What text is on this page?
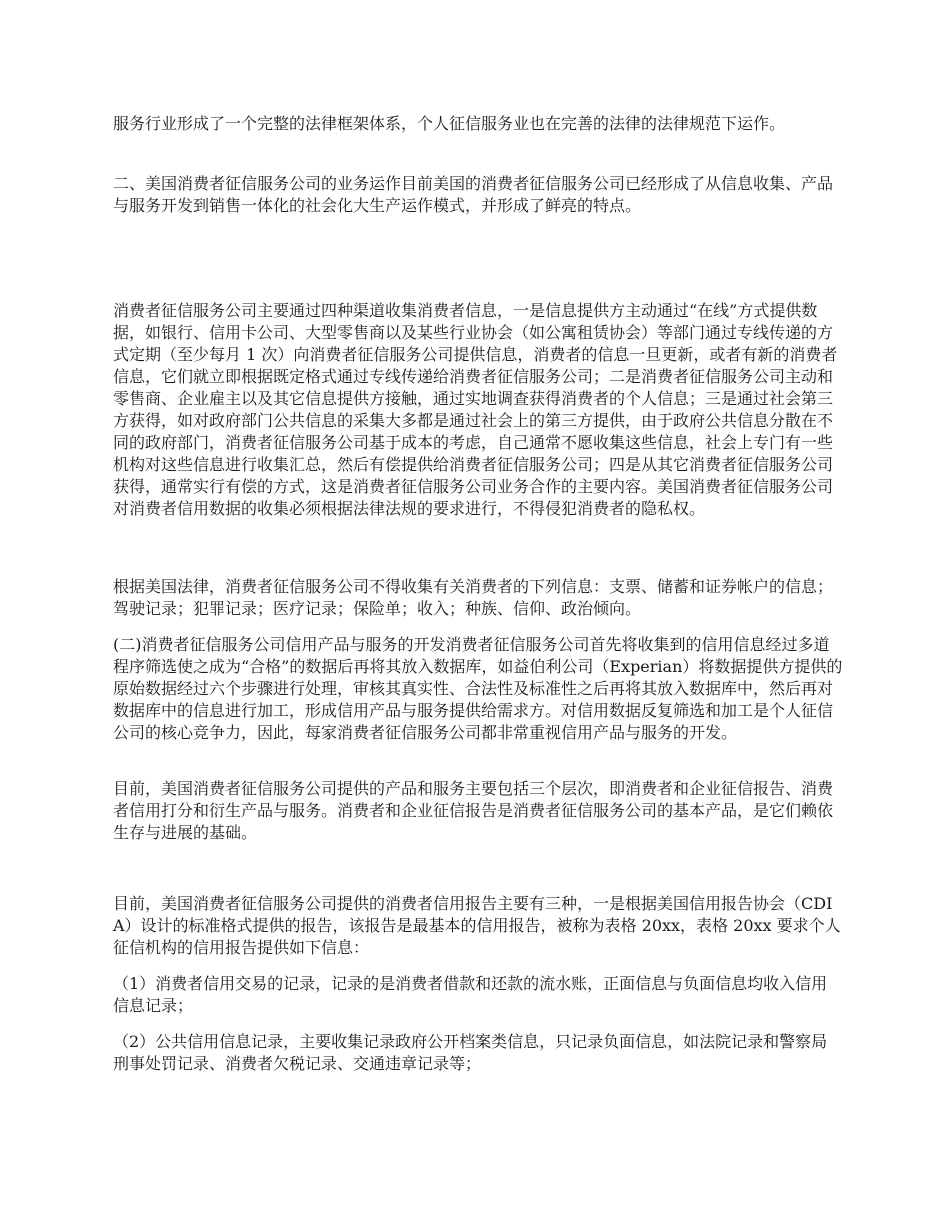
服务行业形成了一个完整的法律框架体系，个人征信服务业也在完善的法律的法律规范下运作。

二、美国消费者征信服务公司的业务运作目前美国的消费者征信服务公司已经形成了从信息收集、产品与服务开发到销售一体化的社会化大生产运作模式，并形成了鲜亮的特点。

消费者征信服务公司主要通过四种渠道收集消费者信息，一是信息提供方主动通过“在线”方式提供数据，如银行、信用卡公司、大型零售商以及某些行业协会（如公寓租赁协会）等部门通过专线传递的方式定期（至少每月 1 次）向消费者征信服务公司提供信息，消费者的信息一旦更新，或者有新的消费者信息，它们就立即根据既定格式通过专线传递给消费者征信服务公司；二是消费者征信服务公司主动和零售商、企业雇主以及其它信息提供方接触，通过实地调查获得消费者的个人信息；三是通过社会第三方获得，如对政府部门公共信息的采集大多都是通过社会上的第三方提供，由于政府公共信息分散在不同的政府部门，消费者征信服务公司基于成本的考虑，自己通常不愿收集这些信息，社会上专门有一些机构对这些信息进行收集汇总，然后有偿提供给消费者征信服务公司；四是从其它消费者征信服务公司获得，通常实行有偿的方式，这是消费者征信服务公司业务合作的主要内容。美国消费者征信服务公司对消费者信用数据的收集必须根据法律法规的要求进行，不得侵犯消费者的隐私权。

根据美国法律，消费者征信服务公司不得收集有关消费者的下列信息：支票、储蓄和证券帐户的信息；驾驶记录；犯罪记录；医疗记录；保险单；收入；种族、信仰、政治倾向。

(二)消费者征信服务公司信用产品与服务的开发消费者征信服务公司首先将收集到的信用信息经过多道程序筛选使之成为“合格”的数据后再将其放入数据库，如益伯利公司（Experian）将数据提供方提供的原始数据经过六个步骤进行处理，审核其真实性、合法性及标准性之后再将其放入数据库中，然后再对数据库中的信息进行加工，形成信用产品与服务提供给需求方。对信用数据反复筛选和加工是个人征信公司的核心竞争力，因此，每家消费者征信服务公司都非常重视信用产品与服务的开发。

目前，美国消费者征信服务公司提供的产品和服务主要包括三个层次，即消费者和企业征信报告、消费者信用打分和衍生产品与服务。消费者和企业征信报告是消费者征信服务公司的基本产品，是它们赖依生存与进展的基础。

目前，美国消费者征信服务公司提供的消费者信用报告主要有三种，一是根据美国信用报告协会（CDIA）设计的标准格式提供的报告，该报告是最基本的信用报告，被称为表格 20xx，表格 20xx 要求个人征信机构的信用报告提供如下信息：

（1）消费者信用交易的记录，记录的是消费者借款和还款的流水账，正面信息与负面信息均收入信用信息记录；

（2）公共信用信息记录，主要收集记录政府公开档案类信息，只记录负面信息，如法院记录和警察局刑事处罚记录、消费者欠税记录、交通违章记录等；
